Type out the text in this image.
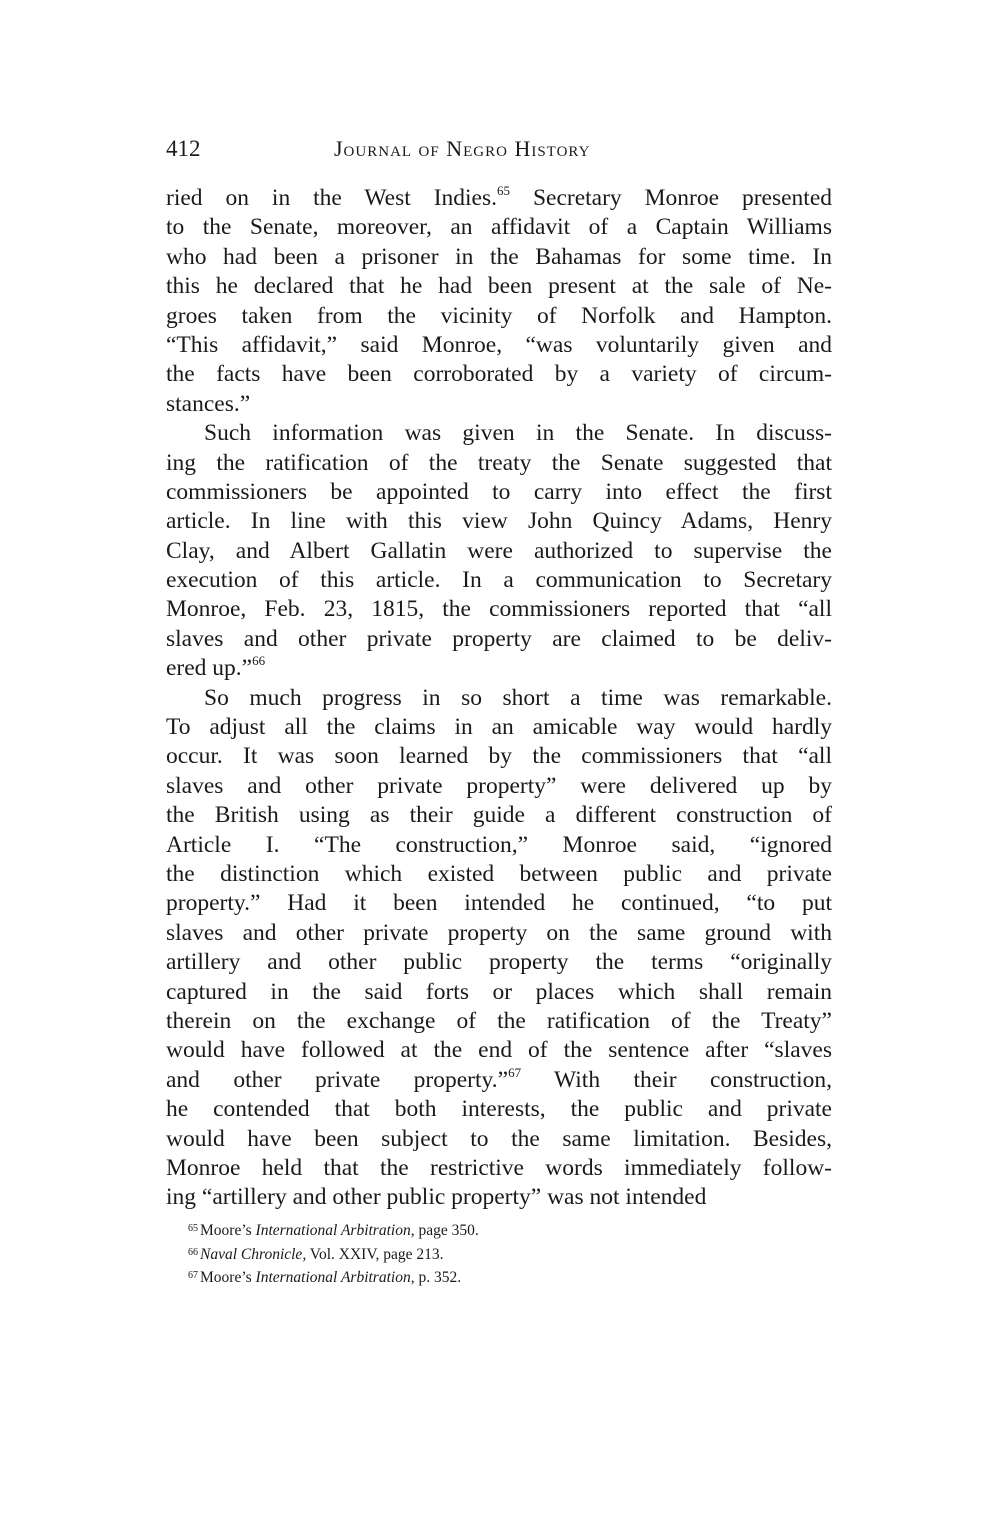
412	Journal of Negro History
ried on in the West Indies.$^{65}$ Secretary Monroe presented
to the Senate, moreover, an affidavit of a Captain Williams
who had been a prisoner in the Bahamas for some time. In
this he declared that he had been present at the sale of Ne-
groes taken from the vicinity of Norfolk and Hampton.
“This affidavit,” said Monroe, “was voluntarily given and
the facts have been corroborated by a variety of circum-
stances.”
Such information was given in the Senate. In discuss-
ing the ratification of the treaty the Senate suggested that
commissioners be appointed to carry into effect the first
article. In line with this view John Quincy Adams, Henry
Clay, and Albert Gallatin were authorized to supervise the
execution of this article. In a communication to Secretary
Monroe, Feb. 23, 1815, the commissioners reported that “all
slaves and other private property are claimed to be deliv-
ered up.”$^{66}$
So much progress in so short a time was remarkable.
To adjust all the claims in an amicable way would hardly
occur. It was soon learned by the commissioners that “all
slaves and other private property” were delivered up by
the British using as their guide a different construction of
Article I. “The construction,” Monroe said, “ignored
the distinction which existed between public and private
property.” Had it been intended he continued, “to put
slaves and other private property on the same ground with
artillery and other public property the terms “originally
captured in the said forts or places which shall remain
therein on the exchange of the ratification of the Treaty”
would have followed at the end of the sentence after “slaves
and other private property.”$^{67}$ With their construction,
he contended that both interests, the public and private
would have been subject to the same limitation. Besides,
Monroe held that the restrictive words immediately follow-
ing “artillery and other public property” was not intended
$^{65}$ Moore’s International Arbitration, page 350.
$^{66}$ Naval Chronicle, Vol. XXIV, page 213.
$^{67}$ Moore’s International Arbitration, p. 352.
